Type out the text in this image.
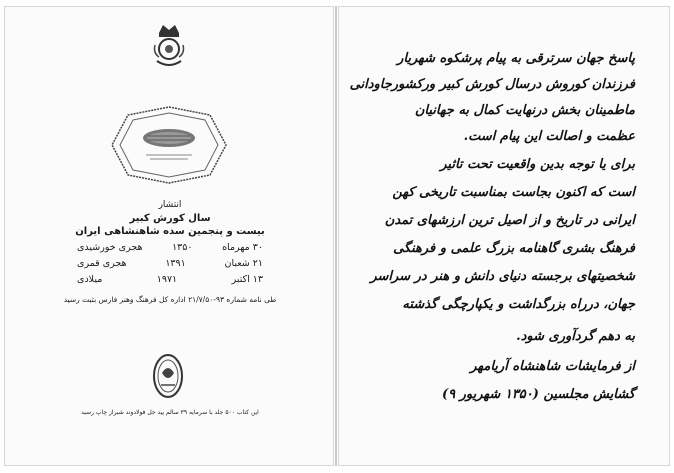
انتشار
سال کورش کبیر
بیست و پنجمین سده شاهنشاهی ایران
۳۰ مهرماه
۱۳۵۰
هجری خورشیدی
۲۱ شعبان
۱۳۹۱
هجری قمری
۱۳ اکتبر
۱۹۷۱
میلادی
طی نامه شماره ۹۳-۲۱/۷/۵۰ اداره کل فرهنگ وهنر فارس بثبت رسید
این کتاب ۵۰۰ جلد با سرمایه ۳۹ سالم پید جل فولادوند شیراز چاپ رسید
پاسخ جهان سرترقی به پیام پرشکوه شهریار
فرزندان کوروش درسال کورش کبیر ورکشورجاودانی
ماطمینان بخش درنهایت کمال به جهانیان
عظمت و اصالت این پیام است.
برای یا توجه بدین واقعیت تحت تاثیر
است که اکنون بجاست بمناسبت تاریخی کهن
ایرانی در تاریخ و از اصیل ترین ارزشهای تمدن
فرهنگ بشری گاهنامه بزرگ علمی و فرهنگی
شخصیتهای برجسته دنیای دانش و هنر در سراسر
جهان، درراه بزرگداشت و یکپارچگی گذشته
به دهم گردآوری شود.
از فرمایشات شاهنشاه آریامهر
گشایش مجلسین (۱۳۵۰ شهریور ۹)
